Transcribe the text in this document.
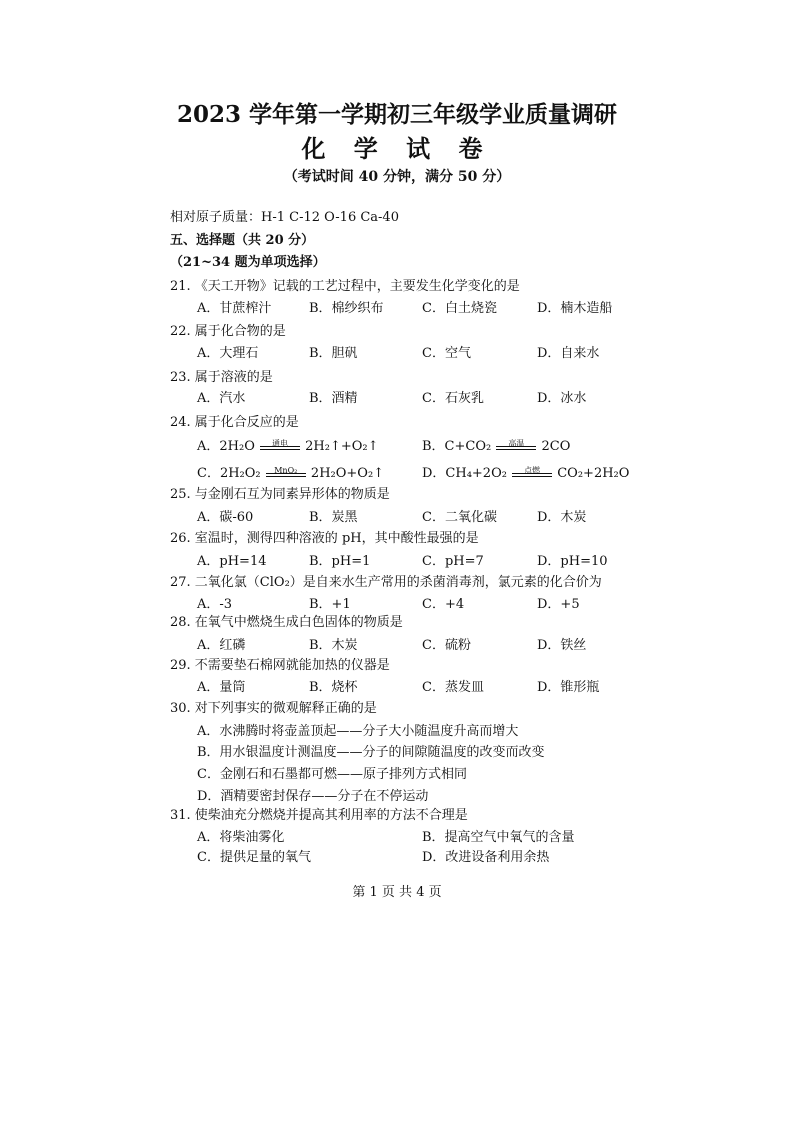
2023 学年第一学期初三年级学业质量调研
化 学 试 卷
（考试时间 40 分钟，满分 50 分）
相对原子质量：H-1 C-12 O-16 Ca-40
五、选择题（共 20 分）
（21~34 题为单项选择）
21. 《天工开物》记载的工艺过程中，主要发生化学变化的是
A．甘蔗榨汁	B．棉纱织布	C．白土烧瓷	D．楠木造船
22. 属于化合物的是
A．大理石	B．胆矾	C．空气	D．自来水
23. 属于溶液的是
A．汽水	B．酒精	C．石灰乳	D．冰水
24. 属于化合反应的是
A．2H₂O	通电	2H₂↑+O₂↑	B．C+CO₂	高温	2CO
C．2H₂O₂	MnO₂	2H₂O+O₂↑	D．CH₄+2O₂	点燃	CO₂+2H₂O
25. 与金刚石互为同素异形体的物质是
A．碳-60	B．炭黑	C．二氧化碳	D．木炭
26. 室温时，测得四种溶液的 pH，其中酸性最强的是
A．pH=14	B．pH=1	C．pH=7	D．pH=10
27. 二氧化氯（ClO₂）是自来水生产常用的杀菌消毒剂，氯元素的化合价为
A．-3	B．+1	C．+4	D．+5
28. 在氧气中燃烧生成白色固体的物质是
A．红磷	B．木炭	C．硫粉	D．铁丝
29. 不需要垫石棉网就能加热的仪器是
A．量筒	B．烧杯	C．蒸发皿	D．锥形瓶
30. 对下列事实的微观解释正确的是
A．水沸腾时将壶盖顶起——分子大小随温度升高而增大
B．用水银温度计测温度——分子的间隙随温度的改变而改变
C．金刚石和石墨都可燃——原子排列方式相同
D．酒精要密封保存——分子在不停运动
31. 使柴油充分燃烧并提高其利用率的方法不合理是
A．将柴油雾化	B．提高空气中氧气的含量
C．提供足量的氧气	D．改进设备利用余热
第 1 页 共 4 页
